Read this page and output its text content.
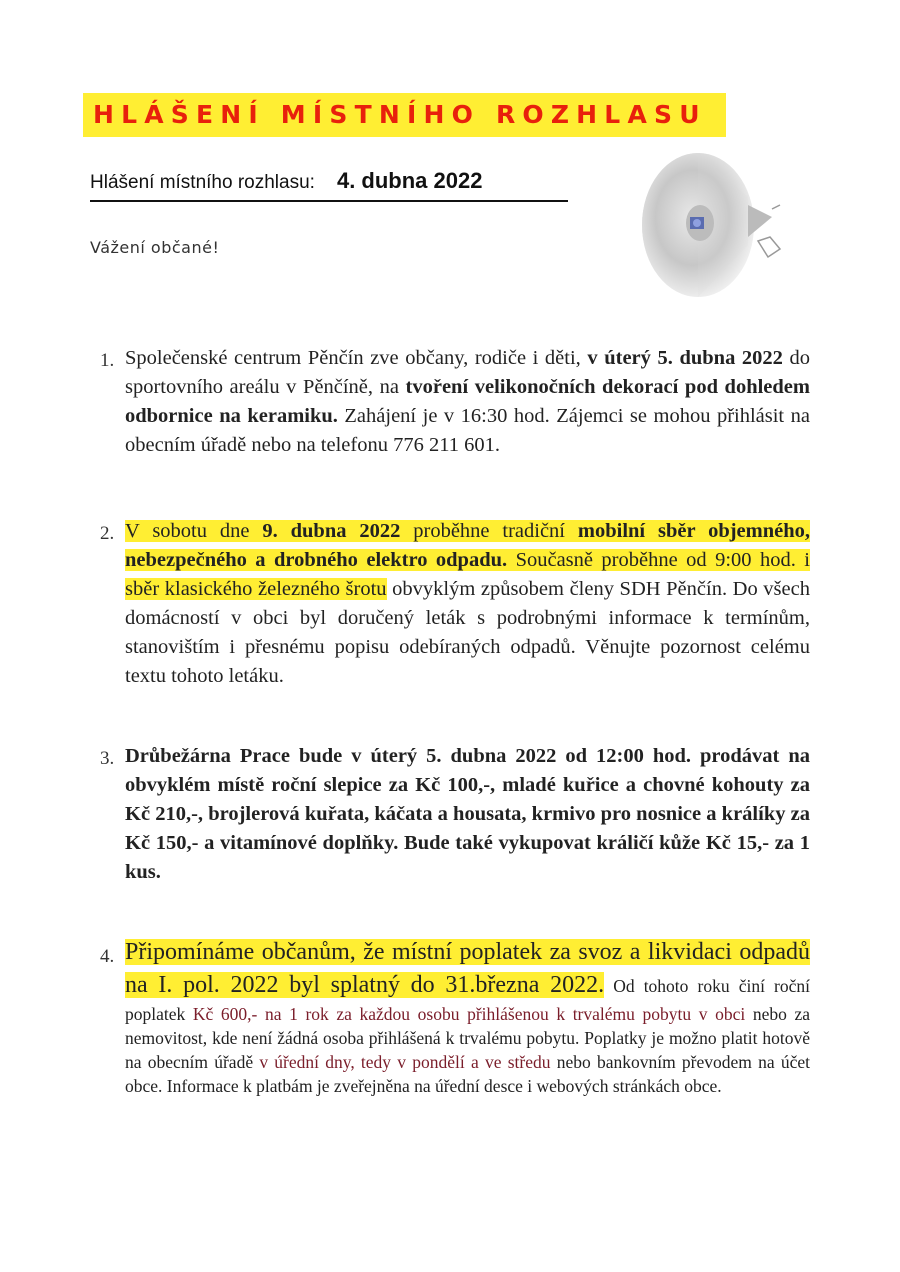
HLÁŠENÍ MÍSTNÍHO ROZHLASU
Hlášení místního rozhlasu: 4. dubna 2022
Vážení občané!
1. Společenské centrum Pěnčín zve občany, rodiče i děti, v úterý 5. dubna 2022 do sportovního areálu v Pěnčíně, na tvoření velikonočních dekorací pod dohledem odbornice na keramiku. Zahájení je v 16:30 hod. Zájemci se mohou přihlásit na obecním úřadě nebo na telefonu 776 211 601.
2. V sobotu dne 9. dubna 2022 proběhne tradiční mobilní sběr objemného, nebezpečného a drobného elektro odpadu. Současně proběhne od 9:00 hod. i sběr klasického železného šrotu obvyklým způsobem členy SDH Pěnčín. Do všech domácností v obci byl doručený leták s podrobnými informace k termínům, stanovištím i přesnému popisu odebíraných odpadů. Věnujte pozornost celému textu tohoto letáku.
3. Drůbežárna Prace bude v úterý 5. dubna 2022 od 12:00 hod. prodávat na obvyklém místě roční slepice za Kč 100,-, mladé kuřice a chovné kohouty za Kč 210,-, brojlerová kuřata, káčata a housata, krmivo pro nosnice a králíky za Kč 150,- a vitamínové doplňky. Bude také vykupovat králičí kůže Kč 15,- za 1 kus.
4. Připomínáme občanům, že místní poplatek za svoz a likvidaci odpadů na I. pol. 2022 byl splatný do 31.března 2022. Od tohoto roku činí roční poplatek Kč 600,- na 1 rok za každou osobu přihlášenou k trvalému pobytu v obci nebo za nemovitost, kde není žádná osoba přihlášená k trvalému pobytu. Poplatky je možno platit hotově na obecním úřadě v úřední dny, tedy v pondělí a ve středu nebo bankovním převodem na účet obce. Informace k platbám je zveřejněna na úřední desce i webových stránkách obce.
